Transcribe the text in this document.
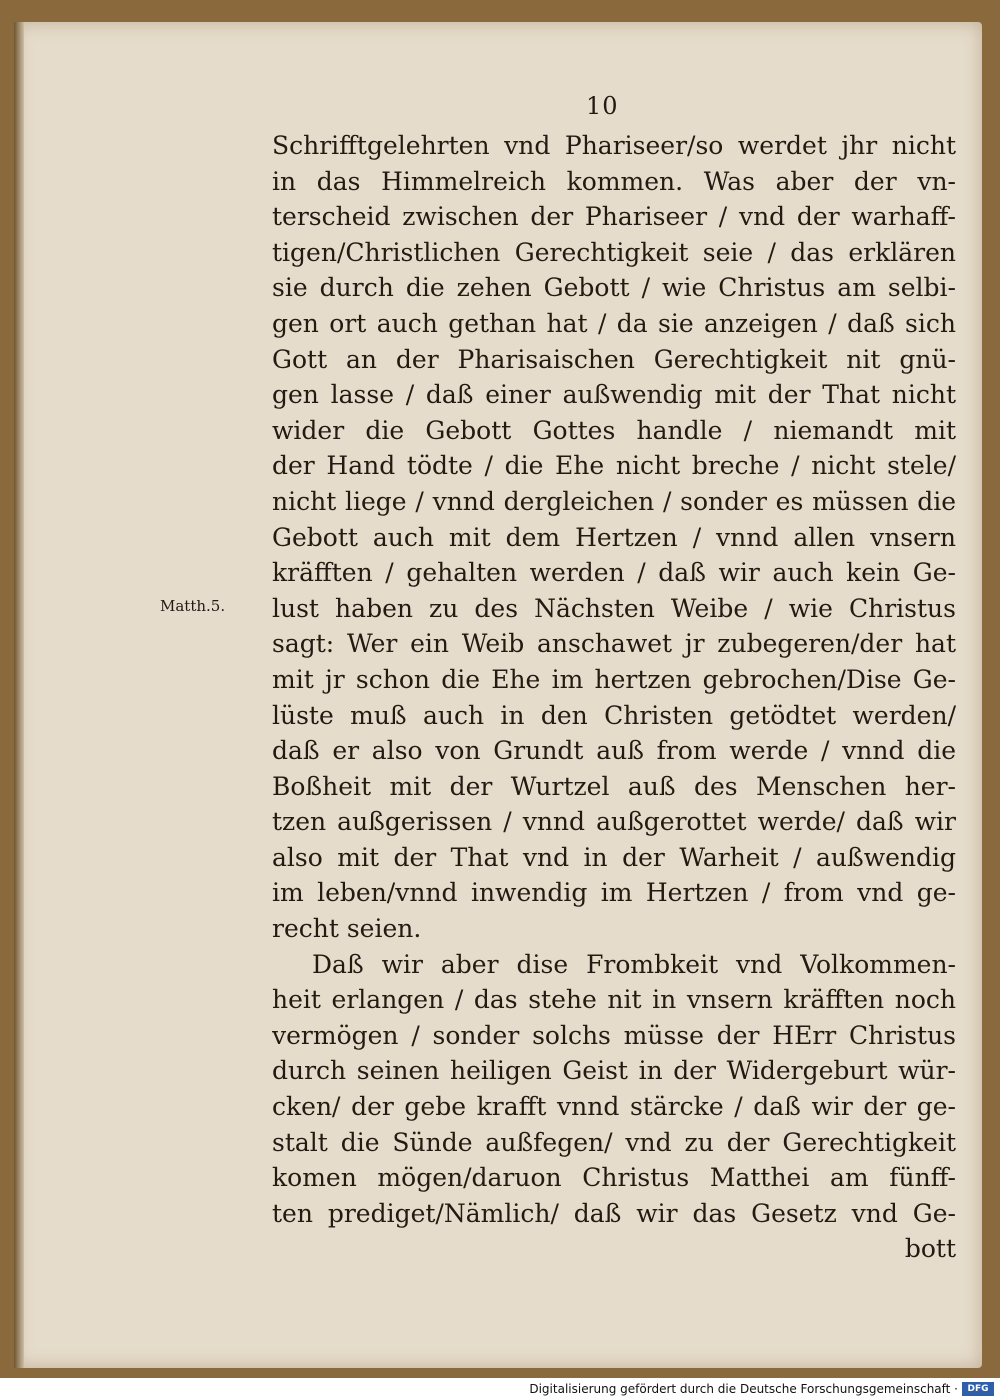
10
Matth.5.
Schrifftgelehrten vnd Phariseer/so werdet jhr nicht
in das Himmelreich kommen. Was aber der vn-
terscheid zwischen der Phariseer / vnd der warhaff-
tigen/Christlichen Gerechtigkeit seie / das erklären
sie durch die zehen Gebott / wie Christus am selbi-
gen ort auch gethan hat / da sie anzeigen / daß sich
Gott an der Pharisaischen Gerechtigkeit nit gnü-
gen lasse / daß einer außwendig mit der That nicht
wider die Gebott Gottes handle / niemandt mit
der Hand tödte / die Ehe nicht breche / nicht stele/
nicht liege / vnnd dergleichen / sonder es müssen die
Gebott auch mit dem Hertzen / vnnd allen vnsern
kräfften / gehalten werden / daß wir auch kein Ge-
lust haben zu des Nächsten Weibe / wie Christus
sagt: Wer ein Weib anschawet jr zubegeren/der hat
mit jr schon die Ehe im hertzen gebrochen/Dise Ge-
lüste muß auch in den Christen getödtet werden/
daß er also von Grundt auß from werde / vnnd die
Boßheit mit der Wurtzel auß des Menschen her-
tzen außgerissen / vnnd außgerottet werde/ daß wir
also mit der That vnd in der Warheit / außwendig
im leben/vnnd inwendig im Hertzen / from vnd ge-
recht seien.
Daß wir aber dise Frombkeit vnd Volkommen-
heit erlangen / das stehe nit in vnsern kräfften noch
vermögen / sonder solchs müsse der HErr Christus
durch seinen heiligen Geist in der Widergeburt wür-
cken/ der gebe krafft vnnd stärcke / daß wir der ge-
stalt die Sünde außfegen/ vnd zu der Gerechtigkeit
komen mögen/daruon Christus Matthei am fünff-
ten prediget/Nämlich/ daß wir das Gesetz vnd Ge-
bott
Digitalisierung gefördert durch die Deutsche Forschungsgemeinschaft ·	DFG
